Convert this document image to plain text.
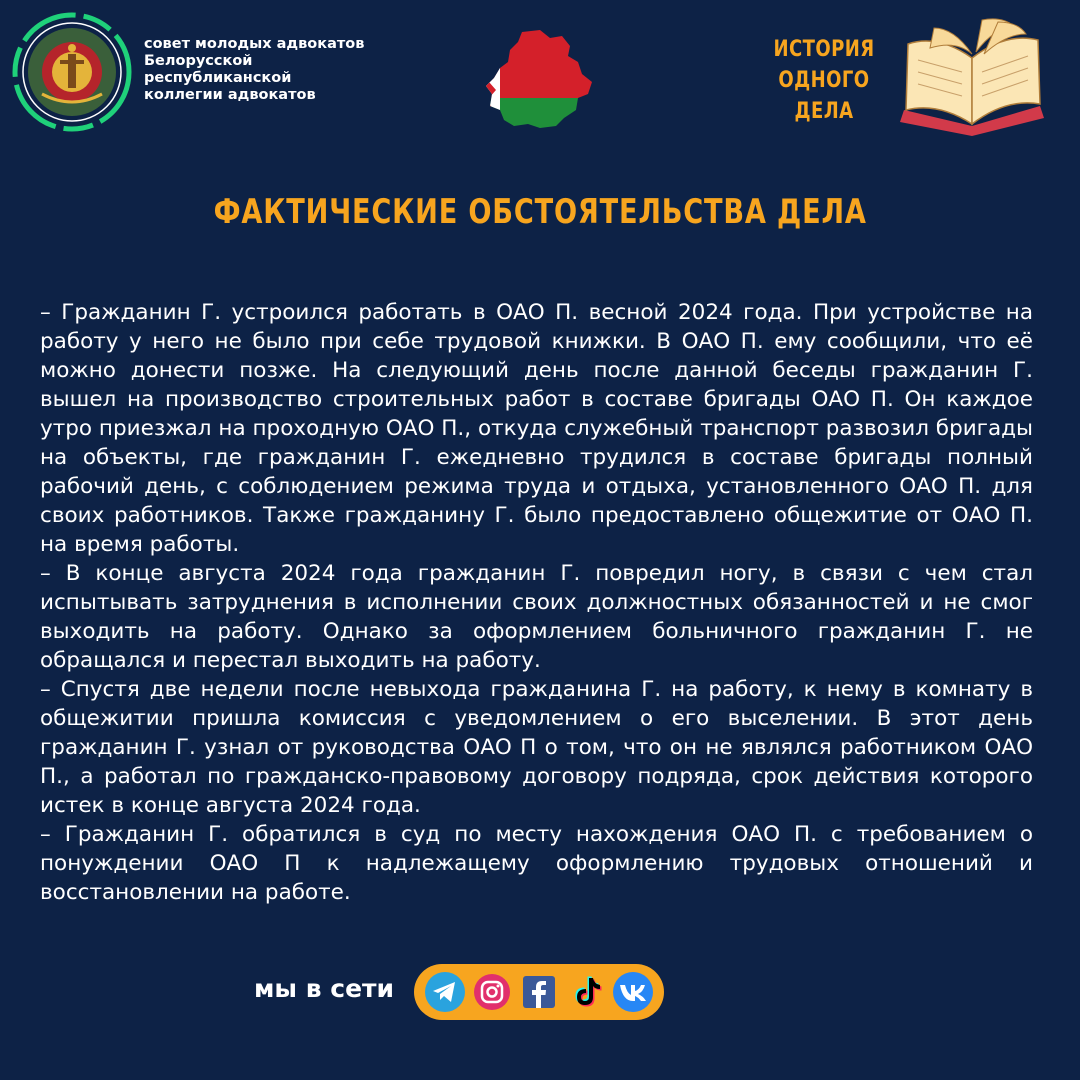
совет молодых адвокатов
Белорусской
республиканской
коллегии адвокатов
ИСТОРИЯ
ОДНОГО
ДЕЛА
ФАКТИЧЕСКИЕ ОБСТОЯТЕЛЬСТВА ДЕЛА

– Гражданин Г. устроился работать в ОАО П. весной 2024 года. При устройстве на работу у него не было при себе трудовой книжки. В ОАО П. ему сообщили, что её можно донести позже. На следующий день после данной беседы гражданин Г. вышел на производство строительных работ в составе бригады ОАО П. Он каждое утро приезжал на проходную ОАО П., откуда служебный транспорт развозил бригады на объекты, где гражданин Г. ежедневно трудился в составе бригады полный рабочий день, с соблюдением режима труда и отдыха, установленного ОАО П. для своих работников. Также гражданину Г. было предоставлено общежитие от ОАО П. на время работы.

– В конце августа 2024 года гражданин Г. повредил ногу, в связи с чем стал испытывать затруднения в исполнении своих должностных обязанностей и не смог выходить на работу. Однако за оформлением больничного гражданин Г. не обращался и перестал выходить на работу.

– Спустя две недели после невыхода гражданина Г. на работу, к нему в комнату в общежитии пришла комиссия с уведомлением о его выселении. В этот день гражданин Г. узнал от руководства ОАО П о том, что он не являлся работником ОАО П., а работал по гражданско-правовому договору подряда, срок действия которого истек в конце августа 2024 года.

– Гражданин Г. обратился в суд по месту нахождения ОАО П. с требованием о понуждении ОАО П к надлежащему оформлению трудовых отношений и восстановлении на работе.

мы в сети
